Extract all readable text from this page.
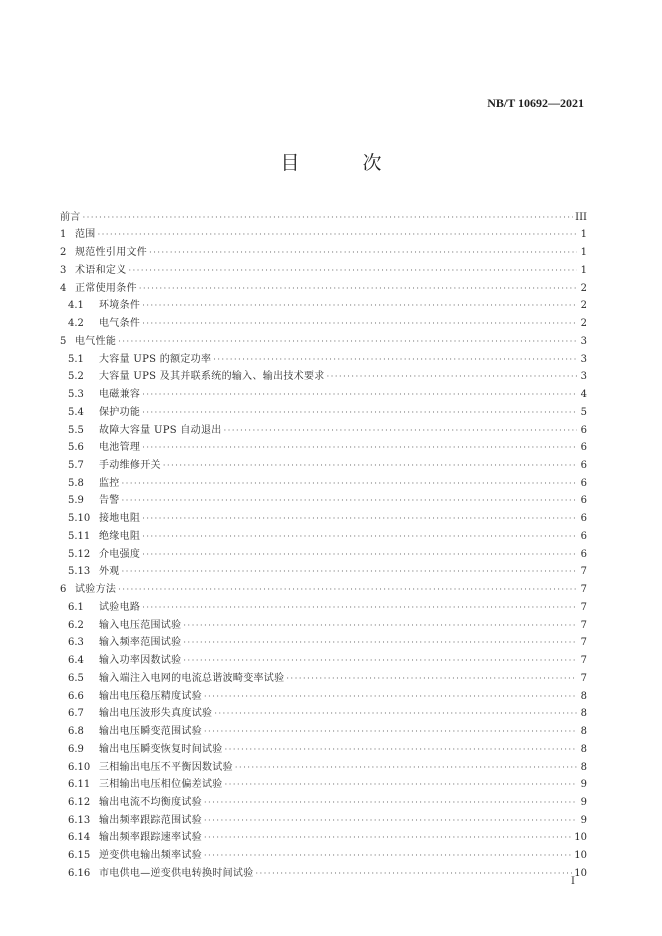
NB/T 10692—2021
目　次
前言 ·····	III
1 范围 ·····	1
2 规范性引用文件 ·····	1
3 术语和定义 ·····	1
4 正常使用条件 ·····	2
4.1	环境条件 ·····	2
4.2	电气条件 ·····	2
5 电气性能 ·····	3
5.1	大容量 UPS 的额定功率 ·····	3
5.2	大容量 UPS 及其并联系统的输入、输出技术要求 ·····	3
5.3	电磁兼容 ·····	4
5.4	保护功能 ·····	5
5.5	故障大容量 UPS 自动退出 ·····	6
5.6	电池管理 ·····	6
5.7	手动维修开关 ·····	6
5.8	监控 ·····	6
5.9	告警 ·····	6
5.10 接地电阻 ·····	6
5.11 绝缘电阻 ·····	6
5.12 介电强度 ·····	6
5.13 外观 ·····	7
6 试验方法 ·····	7
6.1	试验电路 ·····	7
6.2	输入电压范围试验 ·····	7
6.3	输入频率范围试验 ·····	7
6.4	输入功率因数试验 ·····	7
6.5	输入端注入电网的电流总谐波畸变率试验 ·····	7
6.6	输出电压稳压精度试验 ·····	8
6.7	输出电压波形失真度试验 ·····	8
6.8	输出电压瞬变范围试验 ·····	8
6.9	输出电压瞬变恢复时间试验 ·····	8
6.10 三相输出电压不平衡因数试验 ·····	8
6.11 三相输出电压相位偏差试验 ·····	9
6.12 输出电流不均衡度试验 ·····	9
6.13 输出频率跟踪范围试验 ·····	9
6.14 输出频率跟踪速率试验 ·····	10
6.15 逆变供电输出频率试验 ·····	10
6.16 市电供电—逆变供电转换时间试验 ·····	10
I
